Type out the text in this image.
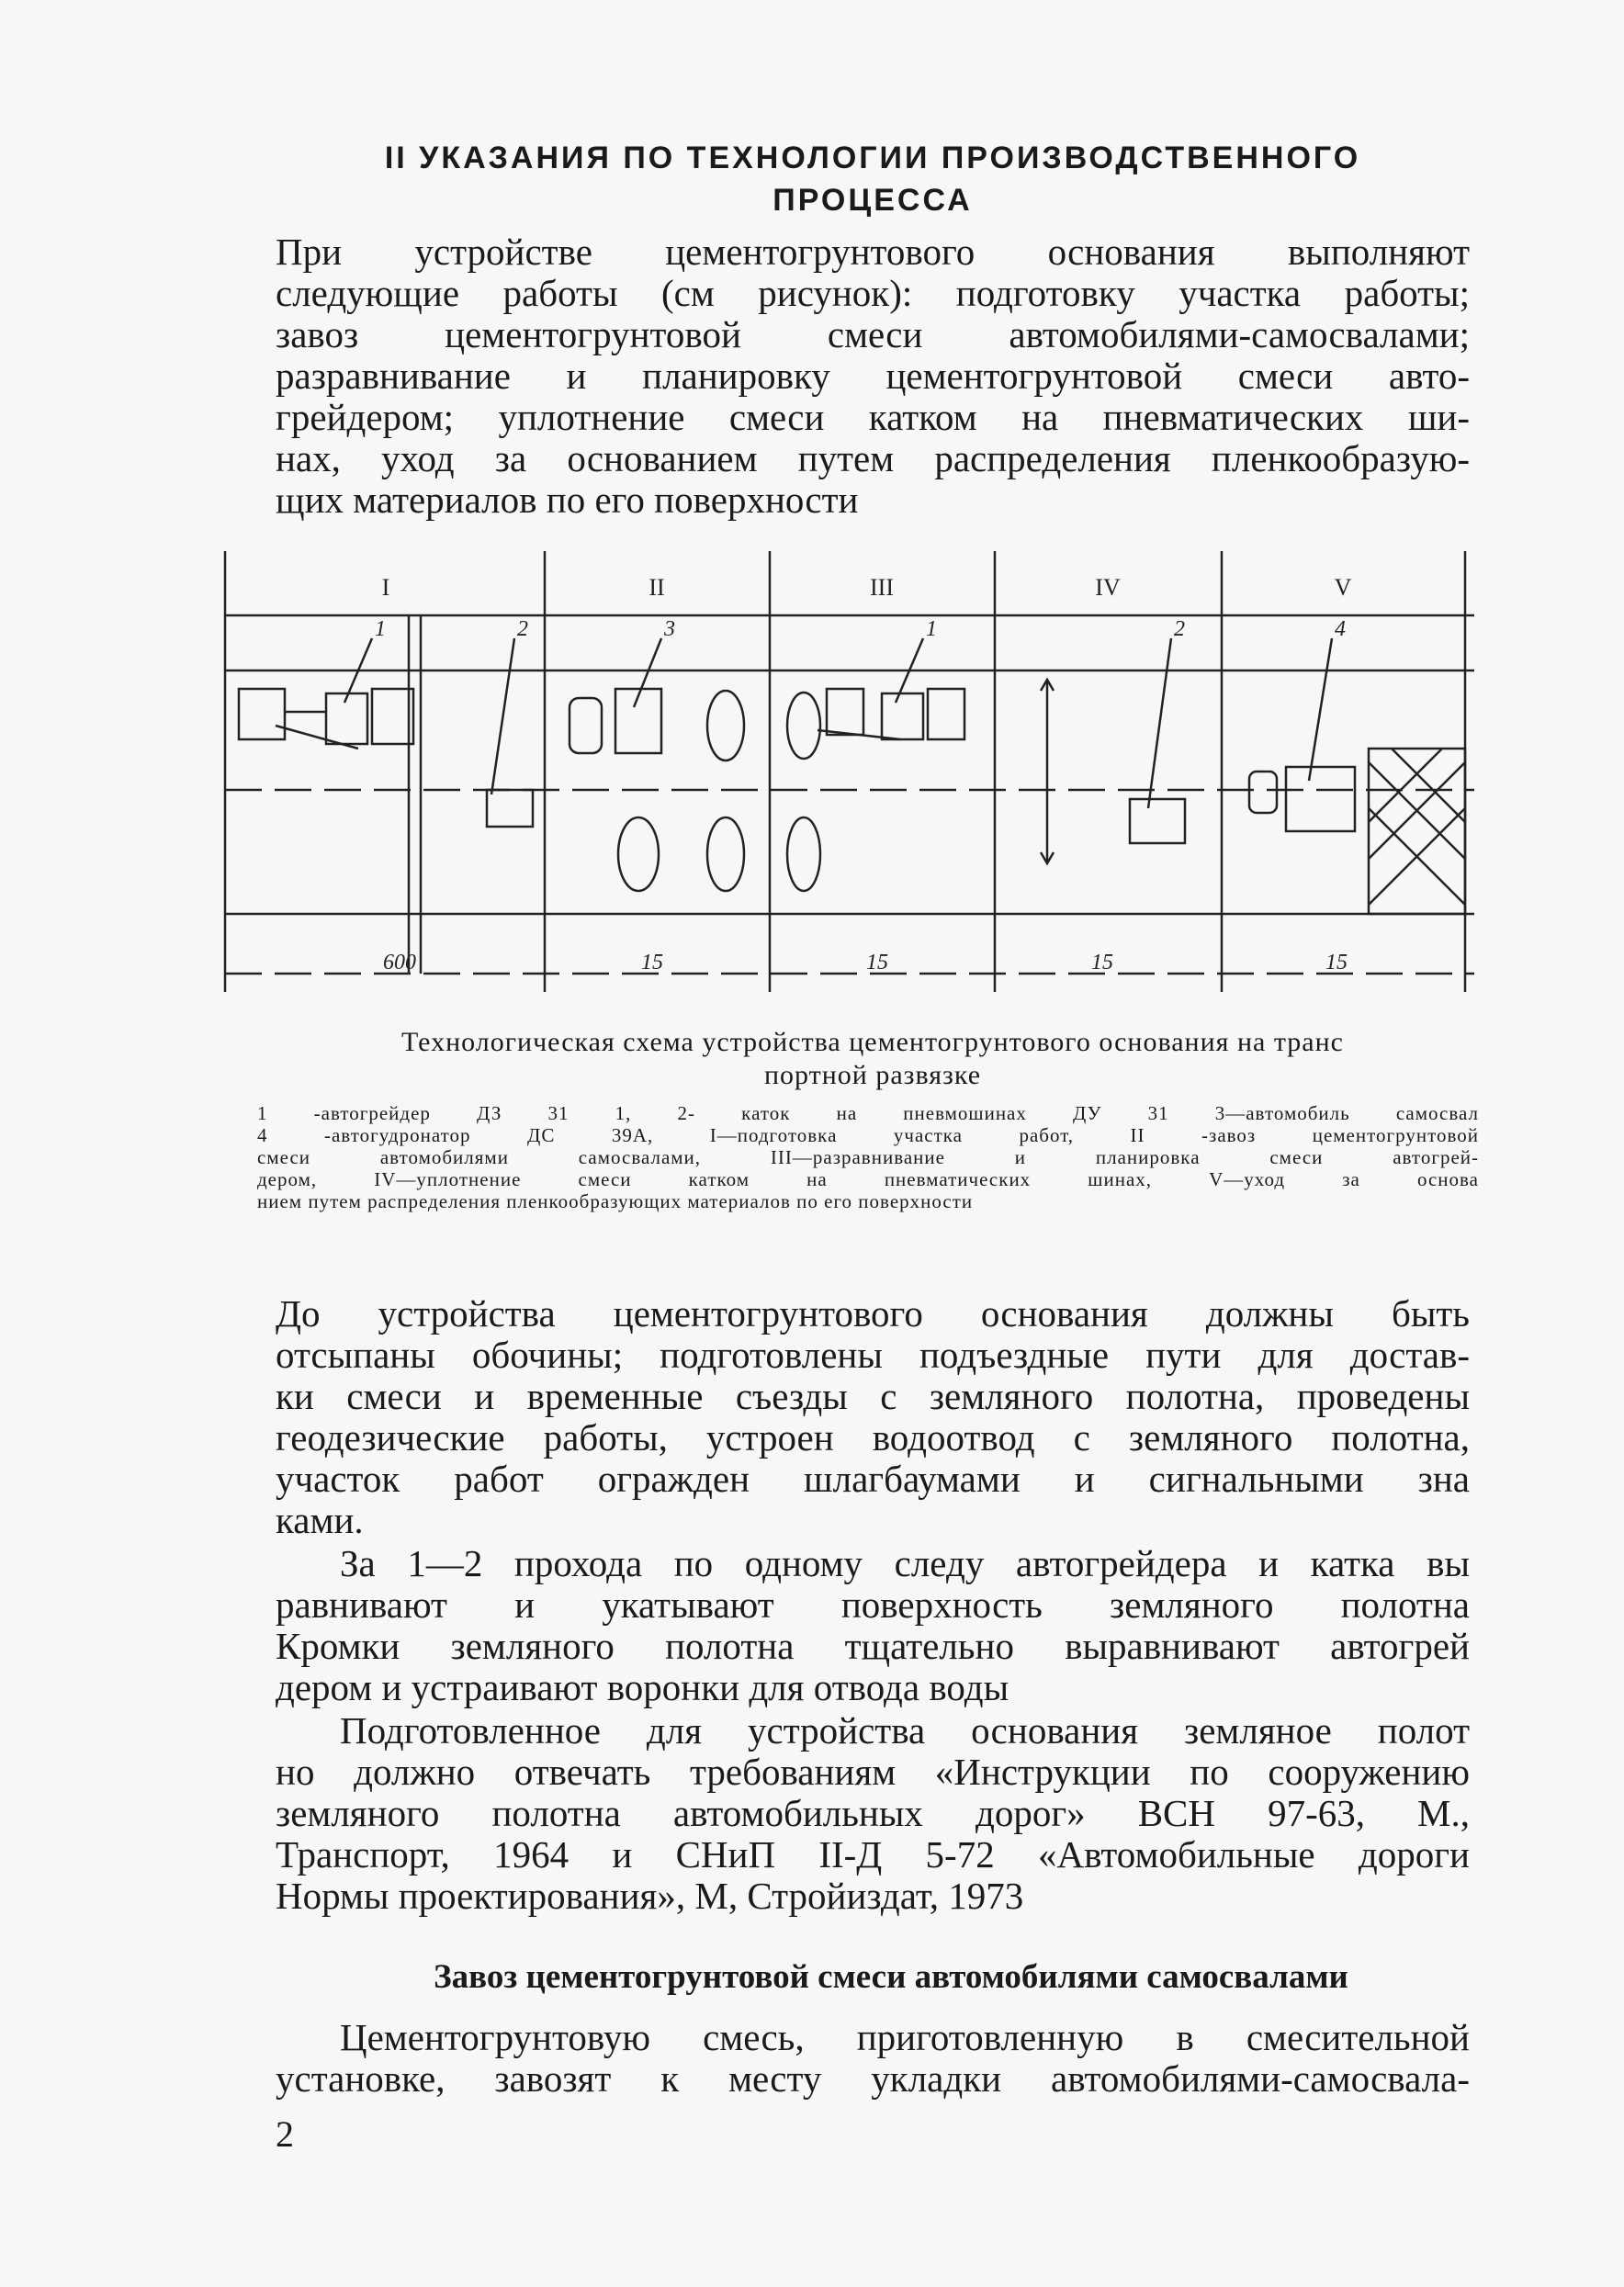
II УКАЗАНИЯ ПО ТЕХНОЛОГИИ ПРОИЗВОДСТВЕННОГО
ПРОЦЕССА
При устройстве цементогрунтового основания выполняют
следующие работы (см рисунок): подготовку участка работы;
завоз цементогрунтовой смеси автомобилями-самосвалами;
разравнивание и планировку цементогрунтовой смеси авто-
грейдером; уплотнение смеси катком на пневматических ши-
нах, уход за основанием путем распределения пленкообразую-
щих материалов по его поверхности
I	II	III	IV	V
1	2	3	1	2	4
600	15	15	15	15
Технологическая схема устройства цементогрунтового основания на транс
портной развязке
1 -автогрейдер ДЗ 31 1, 2- каток на пневмошинах ДУ 31 3—автомобиль самосвал
4 -автогудронатор ДС 39А, I—подготовка участка работ, II -завоз цементогрунтовой
смеси автомобилями самосвалами, III—разравнивание и планировка смеси автогрей-
дером, IV—уплотнение смеси катком на пневматических шинах, V—уход за основа
нием путем распределения пленкообразующих материалов по его поверхности
До устройства цементогрунтового основания должны быть
отсыпаны обочины; подготовлены подъездные пути для достав-
ки смеси и временные съезды с земляного полотна, проведены
геодезические работы, устроен водоотвод с земляного полотна,
участок работ огражден шлагбаумами и сигнальными зна
ками.
За 1—2 прохода по одному следу автогрейдера и катка вы
равнивают и укатывают поверхность земляного полотна
Кромки земляного полотна тщательно выравнивают автогрей
дером и устраивают воронки для отвода воды
Подготовленное для устройства основания земляное полот
но должно отвечать требованиям «Инструкции по сооружению
земляного полотна автомобильных дорог» ВСН 97-63, М.,
Транспорт, 1964 и СНиП II-Д 5-72 «Автомобильные дороги
Нормы проектирования», М, Стройиздат, 1973
Завоз цементогрунтовой смеси автомобилями самосвалами
Цементогрунтовую смесь, приготовленную в смесительной
установке, завозят к месту укладки автомобилями-самосвала-
2
